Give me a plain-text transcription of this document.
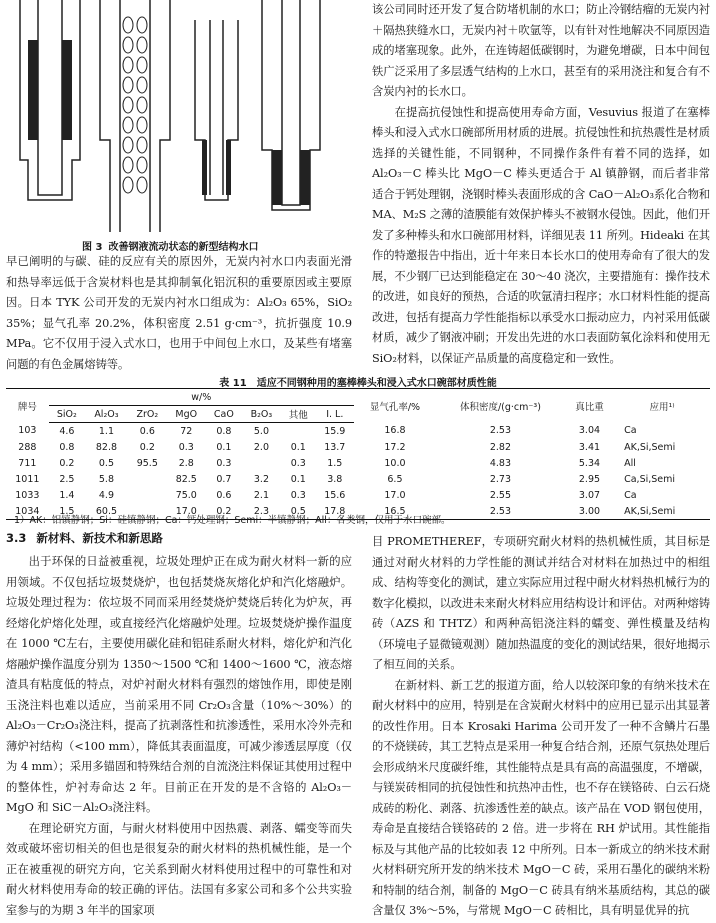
图 3 改善钢液流动状态的新型结构水口

早已阐明的与碳、硅的反应有关的原因外，无炭内衬水口内表面光滑和热导率远低于含炭材料也是其抑制氧化铝沉积的重要原因或主要原因。日本 TYK 公司开发的无炭内衬水口组成为：Al₂O₃ 65%，SiO₂ 35%；显气孔率 20.2%，体积密度 2.51 g·cm⁻³，抗折强度 10.9 MPa。它不仅用于浸入式水口，也用于中间包上水口，及某些有堵塞问题的有色金属熔铸等。

该公司同时还开发了复合防堵机制的水口；防止冷钢结瘤的无炭内衬＋隔热狭缝水口，无炭内衬＋吹氩等，以有针对性地解决不同原因造成的堵塞现象。此外，在连铸超低碳钢时，为避免增碳，日本中间包铁广泛采用了多层透气结构的上水口，甚至有的采用浇注和复合有不含炭内衬的长水口。

在提高抗侵蚀性和提高使用寿命方面，Vesuvius 报道了在塞棒棒头和浸入式水口碗部所用材质的进展。抗侵蚀性和抗热震性是材质选择的关键性能，不同钢种，不同操作条件有着不同的选择，如 Al₂O₃－C 棒头比 MgO－C 棒头更适合于 Al 镇静钢，而后者非常适合于钙处理钢，浇钢时棒头表面形成的含 CaO－Al₂O₃系化合物和 MA、M₂S 之薄的渣膜能有效保护棒头不被钢水侵蚀。因此，他们开发了多种棒头和水口碗部用材料，详细见表 11 所列。Hideaki 在其作的特邀报告中指出，近十年来日本长水口的使用寿命有了很大的发展，不少钢厂已达到能稳定在 30～40 浇次，主要措施有：操作技术的改进，如良好的预热，合适的吹氩清扫程序；水口材料性能的提高改进，包括有提高力学性能指标以承受水口振动应力，内衬采用低碳材质，减少了钢液冲刷；开发出先进的水口表面防氧化涂料和使用无 SiO₂材料，以保证产品质量的高度稳定和一致性。

表 11　适应不同钢种用的塞棒棒头和浸入式水口碗部材质性能
牌号	w/%								显气孔率/%	体积密度/(g·cm⁻³)	真比重	应用¹⁾
	SiO₂	Al₂O₃	ZrO₂	MgO	CaO	B₂O₃	其他	I. L.				
103	4.6	1.1	0.6	72	0.8	5.0		15.9	16.8	2.53	3.04	Ca
288	0.8	82.8	0.2	0.3	0.1	2.0	0.1	13.7	17.2	2.82	3.41	AK,Si,Semi
711	0.2	0.5	95.5	2.8	0.3		0.3	1.5	10.0	4.83	5.34	All
1011	2.5	5.8		82.5	0.7	3.2	0.1	3.8	6.5	2.73	2.95	Ca,Si,Semi
1033	1.4	4.9		75.0	0.6	2.1	0.3	15.6	17.0	2.55	3.07	Ca
1034	1.5	60.5		17.0	0.2	2.3	0.5	17.8	16.5	2.53	3.00	AK,Si,Semi
1）AK：铝镇静钢；Si：硅镇静钢；Ca：钙处理钢；Semi：半镇静钢；All：各类钢，仅用于水口碗部。
3.3 新材料、新技术和新思路

出于环保的日益被重视，垃圾处理炉正在成为耐火材料一新的应用领域。不仅包括垃圾焚烧炉，也包括焚烧灰熔化炉和汽化熔融炉。垃圾处理过程为：依垃圾不同而采用经焚烧炉焚烧后转化为炉灰，再经熔化炉熔化处理，或直接经汽化熔融炉处理。垃圾焚烧炉操作温度在 1000 ℃左右，主要使用碳化硅和铝硅系耐火材料，熔化炉和汽化熔融炉操作温度分别为 1350～1500 ℃和 1400～1600 ℃，液态熔渣具有粘度低的特点，对炉衬耐火材料有强烈的熔蚀作用，即使是刚玉浇注料也难以适应，当前采用不同 Cr₂O₃含量（10%～30%）的 Al₂O₃－Cr₂O₃浇注料，提高了抗剥落性和抗渗透性，采用水冷外壳和薄炉衬结构（<100 mm），降低其表面温度，可减少渗透层厚度（仅为 4 mm）；采用多锚固和特殊结合剂的自流浇注料保证其使用过程中的整体性，炉衬寿命达 2 年。目前正在开发的是不含铬的 Al₂O₃－MgO 和 SiC－Al₂O₃浇注料。

在理论研究方面，与耐火材料使用中因热震、剥落、蠕变等而失效或破坏密切相关的但也是很复杂的耐火材料的热机械性能，是一个正在被重视的研究方向，它关系到耐火材料使用过程中的可靠性和对耐火材料使用寿命的较正确的评估。法国有多家公司和多个公共实验室参与的为期 3 年半的国家项

目 PROMETHEREF，专项研究耐火材料的热机械性质，其目标是通过对耐火材料的力学性能的测试并结合对材料在加热过中的相组成、结构等变化的测试，建立实际应用过程中耐火材料热机械行为的数字化模拟，以改进未来耐火材料应用结构设计和评估。对两种熔铸砖（AZS 和 THTZ）和两种高铝浇注料的蠕变、弹性模量及结构（环境电子显微镜观测）随加热温度的变化的测试结果，很好地揭示了相互间的关系。

在新材料、新工艺的报道方面，给人以较深印象的有纳米技术在耐火材料中的应用，特别是在含炭耐火材料中的应用已显示出其显著的改性作用。日本 Krosaki Harima 公司开发了一种不含鳞片石墨的不烧镁砖，其工艺特点是采用一种复合结合剂，还原气氛热处理后会形成纳米尺度碳纤维，其性能特点是具有高的高温强度，不增碳，与镁炭砖相同的抗侵蚀性和抗热冲击性，也不存在镁铬砖、白云石烧成砖的粉化、剥落、抗渗透性差的缺点。该产品在 VOD 钢包使用，寿命是直接结合镁铬砖的 2 倍。进一步将在 RH 炉试用。其性能指标及与其他产品的比较如表 12 中所列。日本一新成立的纳米技术耐火材料研究所开发的纳米技术 MgO－C 砖，采用石墨化的碳纳米粉和特制的结合剂，制备的 MgO－C 砖具有纳米基质结构，其总的碳含量仅 3%～5%，与常规 MgO－C 砖相比，具有明显优异的抗
